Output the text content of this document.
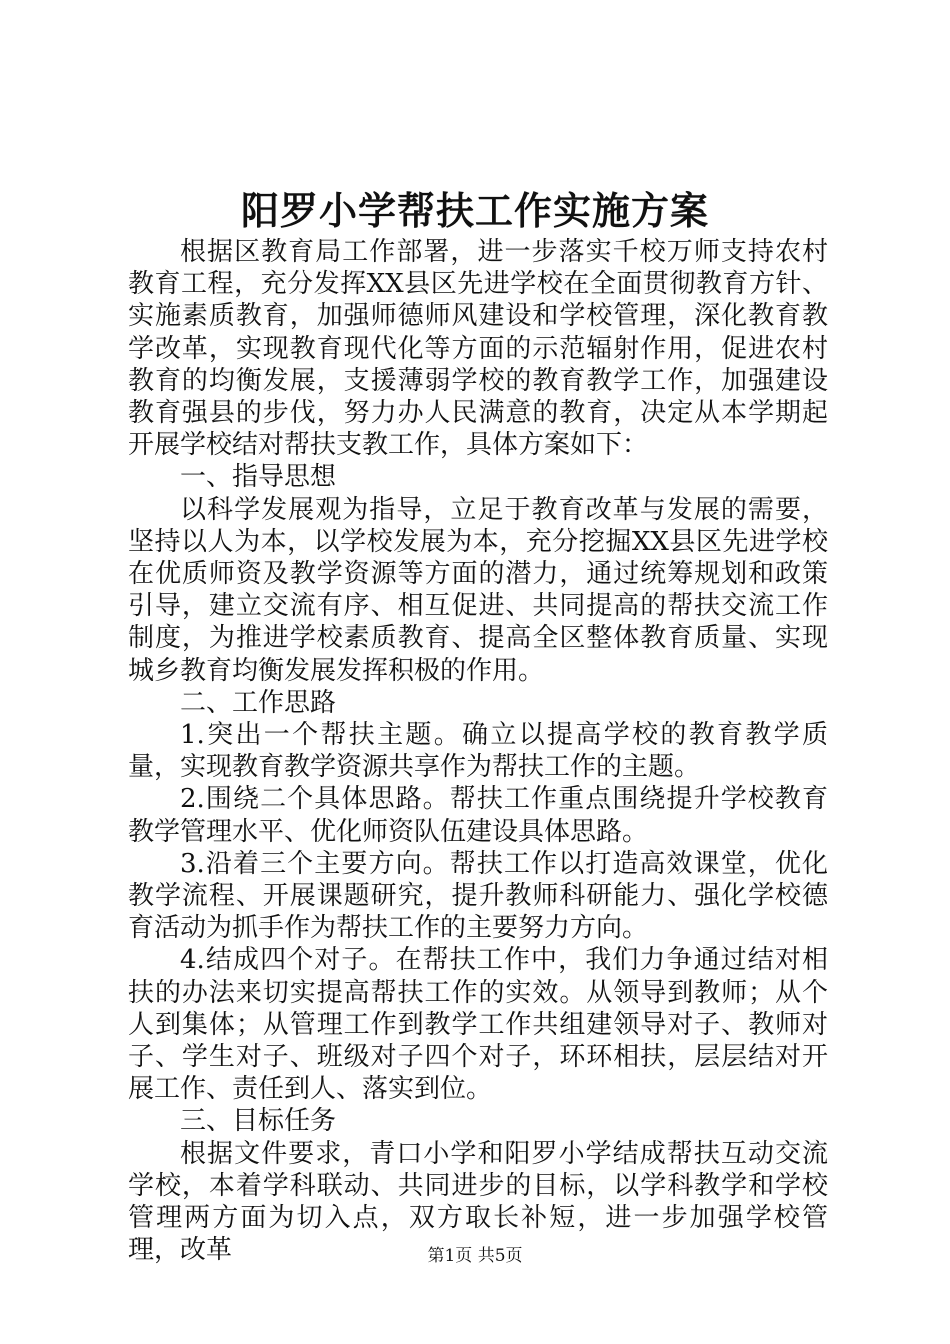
阳罗小学帮扶工作实施方案

根据区教育局工作部署，进一步落实千校万师支持农村教育工程，充分发挥XX县区先进学校在全面贯彻教育方针、实施素质教育，加强师德师风建设和学校管理，深化教育教学改革，实现教育现代化等方面的示范辐射作用，促进农村教育的均衡发展，支援薄弱学校的教育教学工作，加强建设教育强县的步伐，努力办人民满意的教育，决定从本学期起开展学校结对帮扶支教工作，具体方案如下：

一、指导思想

以科学发展观为指导，立足于教育改革与发展的需要，坚持以人为本，以学校发展为本，充分挖掘XX县区先进学校在优质师资及教学资源等方面的潜力，通过统筹规划和政策引导，建立交流有序、相互促进、共同提高的帮扶交流工作制度，为推进学校素质教育、提高全区整体教育质量、实现城乡教育均衡发展发挥积极的作用。

二、工作思路

1.突出一个帮扶主题。确立以提高学校的教育教学质量，实现教育教学资源共享作为帮扶工作的主题。

2.围绕二个具体思路。帮扶工作重点围绕提升学校教育教学管理水平、优化师资队伍建设具体思路。

3.沿着三个主要方向。帮扶工作以打造高效课堂，优化教学流程、开展课题研究，提升教师科研能力、强化学校德育活动为抓手作为帮扶工作的主要努力方向。

4.结成四个对子。在帮扶工作中，我们力争通过结对相扶的办法来切实提高帮扶工作的实效。从领导到教师；从个人到集体；从管理工作到教学工作共组建领导对子、教师对子、学生对子、班级对子四个对子，环环相扶，层层结对开展工作、责任到人、落实到位。

三、目标任务

根据文件要求，青口小学和阳罗小学结成帮扶互动交流学校，本着学科联动、共同进步的目标，以学科教学和学校管理两方面为切入点，双方取长补短，进一步加强学校管理，改革	第1页 共5页
